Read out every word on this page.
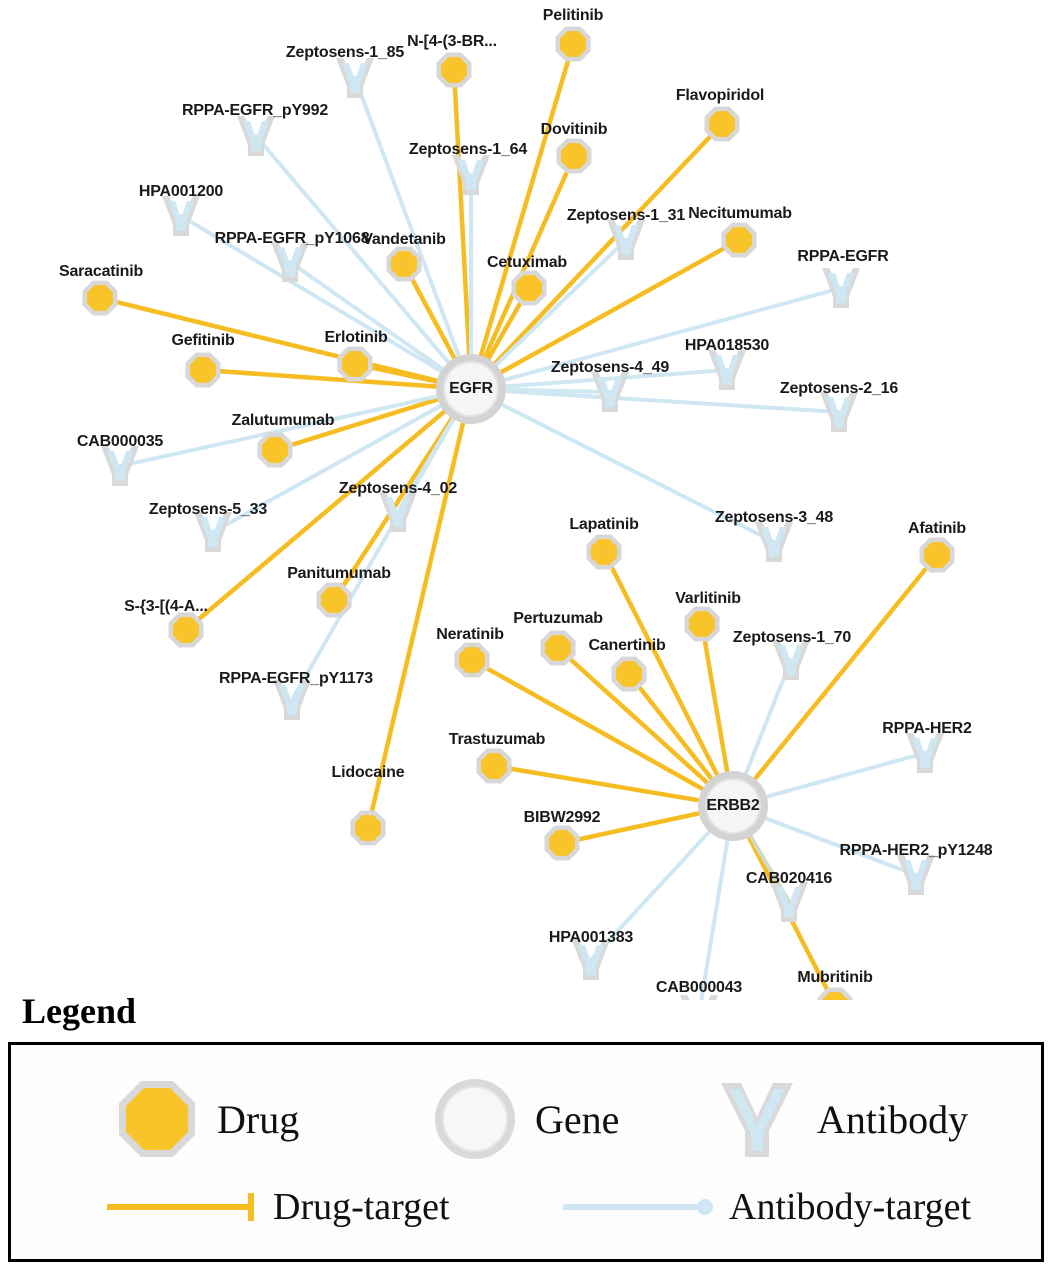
Pelitinib
N-[4-(3-BR...
Flavopiridol
Dovitinib
Necitumumab
Vandetanib
Cetuximab
Saracatinib
Gefitinib	Erlotinib
Zalutumumab
Afatinib
Lapatinib
Varlitinib
Panitumumab
S-{3-[(4-A...
Pertuzumab
Neratinib
Canertinib
Trastuzumab
Lidocaine
BIBW2992
Mubritinib
Zeptosens-1_85
RPPA-EGFR_pY992
Zeptosens-1_64
HPA001200
Zeptosens-1_31
RPPA-EGFR_pY1068
RPPA-EGFR
HPA018530
Zeptosens-4_49
Zeptosens-2_16
CAB000035
Zeptosens-4_02
Zeptosens-5_33	Zeptosens-3_48
Zeptosens-1_70
RPPA-EGFR_pY1173
RPPA-HER2
RPPA-HER2_pY1248
CAB020416
HPA001383
CAB000043
EGFR
ERBB2
Legend
Drug	Gene	Antibody
Drug-target	Antibody-target
